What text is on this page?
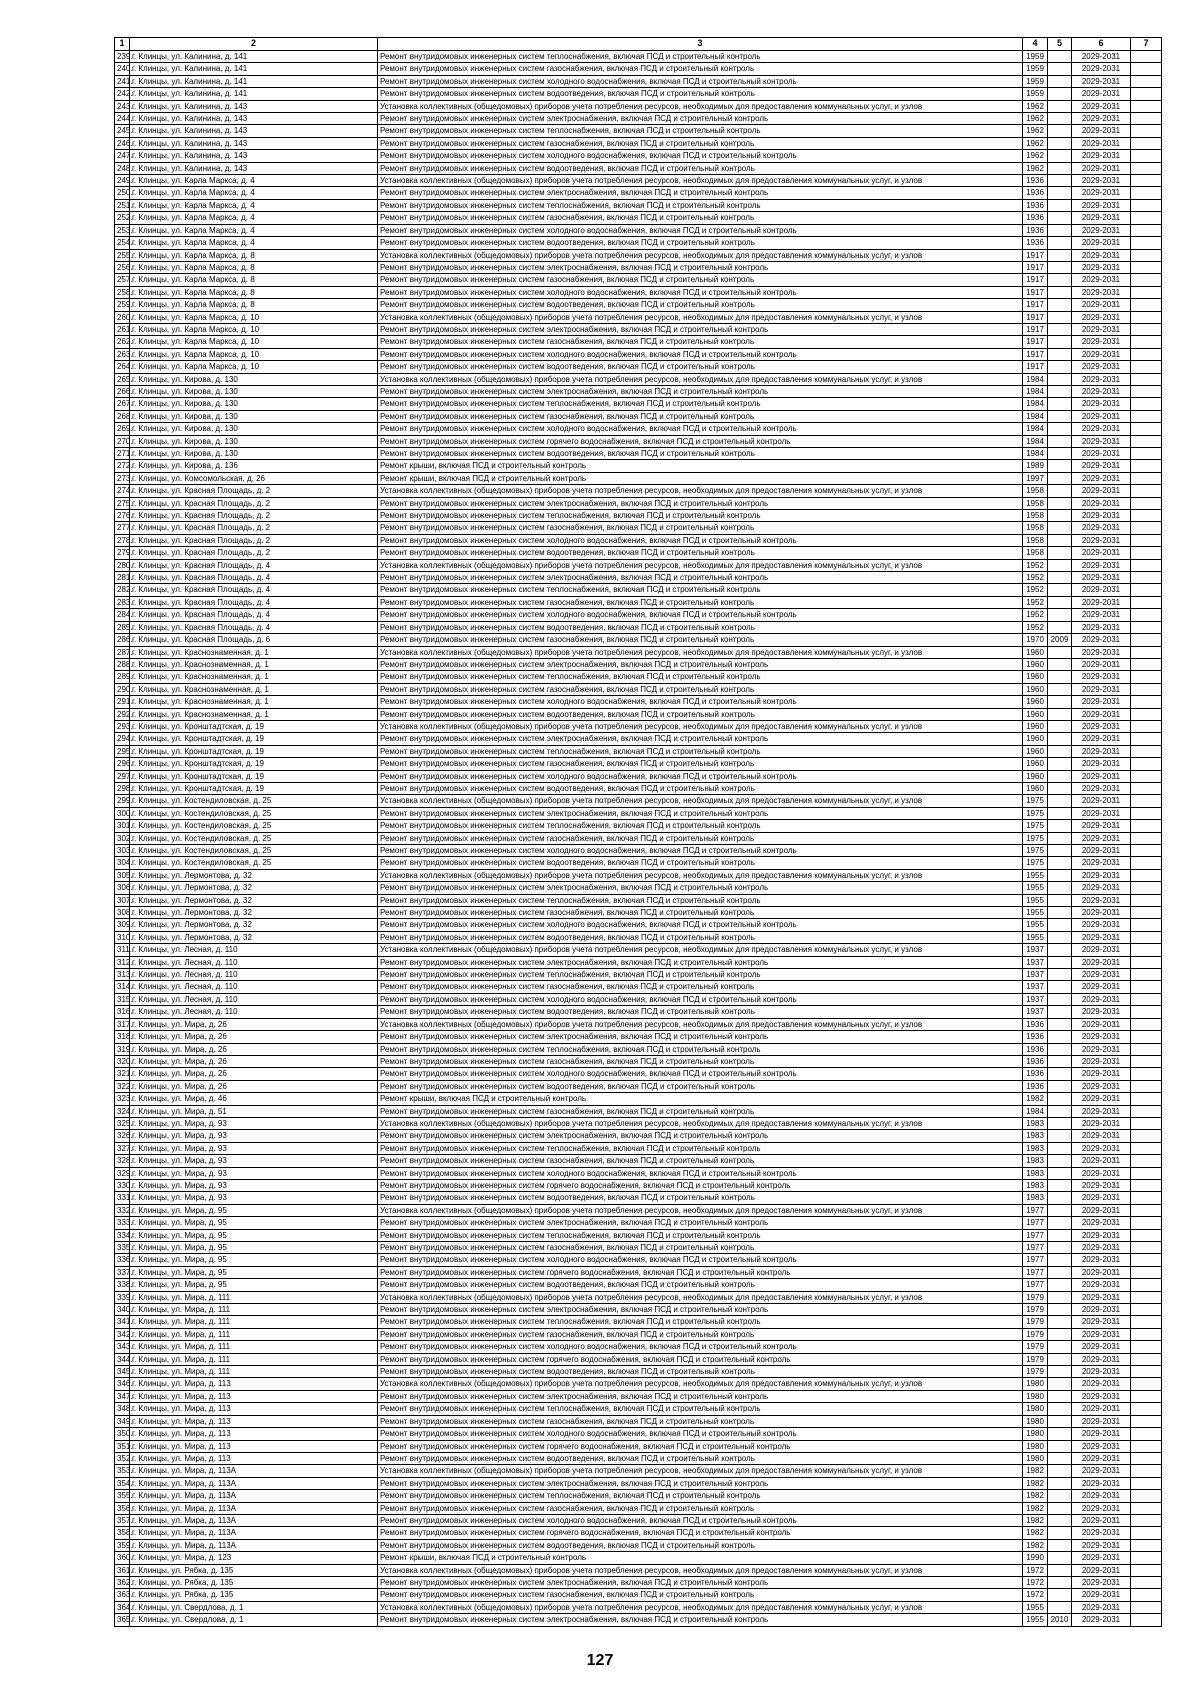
1	2	3	4	5	6	7
239.	г. Клинцы, ул. Калинина, д. 141	Ремонт внутридомовых инженерных систем теплоснабжения, включая ПСД и строительный контроль	1959		2029-2031	
240.	г. Клинцы, ул. Калинина, д. 141	Ремонт внутридомовых инженерных систем газоснабжения, включая ПСД и строительный контроль	1959		2029-2031	
241.	г. Клинцы, ул. Калинина, д. 141	Ремонт внутридомовых инженерных систем холодного водоснабжения, включая ПСД и строительный контроль	1959		2029-2031	
242.	г. Клинцы, ул. Калинина, д. 141	Ремонт внутридомовых инженерных систем водоотведения, включая ПСД и строительный контроль	1959		2029-2031	
243.	г. Клинцы, ул. Калинина, д. 143	Установка коллективных (общедомовых) приборов учета потребления ресурсов, необходимых для предоставления коммунальных услуг, и узлов	1962		2029-2031	
244.	г. Клинцы, ул. Калинина, д. 143	Ремонт внутридомовых инженерных систем электроснабжения, включая ПСД и строительный контроль	1962		2029-2031	
245.	г. Клинцы, ул. Калинина, д. 143	Ремонт внутридомовых инженерных систем теплоснабжения, включая ПСД и строительный контроль	1962		2029-2031	
246.	г. Клинцы, ул. Калинина, д. 143	Ремонт внутридомовых инженерных систем газоснабжения, включая ПСД и строительный контроль	1962		2029-2031	
247.	г. Клинцы, ул. Калинина, д. 143	Ремонт внутридомовых инженерных систем холодного водоснабжения, включая ПСД и строительный контроль	1962		2029-2031	
248.	г. Клинцы, ул. Калинина, д. 143	Ремонт внутридомовых инженерных систем водоотведения, включая ПСД и строительный контроль	1962		2029-2031	
249.	г. Клинцы, ул. Карла Маркса, д. 4	Установка коллективных (общедомовых) приборов учета потребления ресурсов, необходимых для предоставления коммунальных услуг, и узлов	1936		2029-2031	
250.	г. Клинцы, ул. Карла Маркса, д. 4	Ремонт внутридомовых инженерных систем электроснабжения, включая ПСД и строительный контроль	1936		2029-2031	
251.	г. Клинцы, ул. Карла Маркса, д. 4	Ремонт внутридомовых инженерных систем теплоснабжения, включая ПСД и строительный контроль	1936		2029-2031	
252.	г. Клинцы, ул. Карла Маркса, д. 4	Ремонт внутридомовых инженерных систем газоснабжения, включая ПСД и строительный контроль	1936		2029-2031	
253.	г. Клинцы, ул. Карла Маркса, д. 4	Ремонт внутридомовых инженерных систем холодного водоснабжения, включая ПСД и строительный контроль	1936		2029-2031	
254.	г. Клинцы, ул. Карла Маркса, д. 4	Ремонт внутридомовых инженерных систем водоотведения, включая ПСД и строительный контроль	1936		2029-2031	
255.	г. Клинцы, ул. Карла Маркса, д. 8	Установка коллективных (общедомовых) приборов учета потребления ресурсов, необходимых для предоставления коммунальных услуг, и узлов	1917		2029-2031	
256.	г. Клинцы, ул. Карла Маркса, д. 8	Ремонт внутридомовых инженерных систем электроснабжения, включая ПСД и строительный контроль	1917		2029-2031	
257.	г. Клинцы, ул. Карла Маркса, д. 8	Ремонт внутридомовых инженерных систем газоснабжения, включая ПСД и строительный контроль	1917		2029-2031	
258.	г. Клинцы, ул. Карла Маркса, д. 8	Ремонт внутридомовых инженерных систем холодного водоснабжения, включая ПСД и строительный контроль	1917		2029-2031	
259.	г. Клинцы, ул. Карла Маркса, д. 8	Ремонт внутридомовых инженерных систем водоотведения, включая ПСД и строительный контроль	1917		2029-2031	
260.	г. Клинцы, ул. Карла Маркса, д. 10	Установка коллективных (общедомовых) приборов учета потребления ресурсов, необходимых для предоставления коммунальных услуг, и узлов	1917		2029-2031	
261.	г. Клинцы, ул. Карла Маркса, д. 10	Ремонт внутридомовых инженерных систем электроснабжения, включая ПСД и строительный контроль	1917		2029-2031	
262.	г. Клинцы, ул. Карла Маркса, д. 10	Ремонт внутридомовых инженерных систем газоснабжения, включая ПСД и строительный контроль	1917		2029-2031	
263.	г. Клинцы, ул. Карла Маркса, д. 10	Ремонт внутридомовых инженерных систем холодного водоснабжения, включая ПСД и строительный контроль	1917		2029-2031	
264.	г. Клинцы, ул. Карла Маркса, д. 10	Ремонт внутридомовых инженерных систем водоотведения, включая ПСД и строительный контроль	1917		2029-2031	
265.	г. Клинцы, ул. Кирова, д. 130	Установка коллективных (общедомовых) приборов учета потребления ресурсов, необходимых для предоставления коммунальных услуг, и узлов	1984		2029-2031	
266.	г. Клинцы, ул. Кирова, д. 130	Ремонт внутридомовых инженерных систем электроснабжения, включая ПСД и строительный контроль	1984		2029-2031	
267.	г. Клинцы, ул. Кирова, д. 130	Ремонт внутридомовых инженерных систем теплоснабжения, включая ПСД и строительный контроль	1984		2029-2031	
268.	г. Клинцы, ул. Кирова, д. 130	Ремонт внутридомовых инженерных систем газоснабжения, включая ПСД и строительный контроль	1984		2029-2031	
269.	г. Клинцы, ул. Кирова, д. 130	Ремонт внутридомовых инженерных систем холодного водоснабжения, включая ПСД и строительный контроль	1984		2029-2031	
270.	г. Клинцы, ул. Кирова, д. 130	Ремонт внутридомовых инженерных систем горячего водоснабжения, включая ПСД и строительный контроль	1984		2029-2031	
271.	г. Клинцы, ул. Кирова, д. 130	Ремонт внутридомовых инженерных систем водоотведения, включая ПСД и строительный контроль	1984		2029-2031	
272.	г. Клинцы, ул. Кирова, д. 136	Ремонт крыши, включая ПСД и строительный контроль	1989		2029-2031	
273.	г. Клинцы, ул. Комсомольская, д. 26	Ремонт крыши, включая ПСД и строительный контроль	1997		2029-2031	
274.	г. Клинцы, ул. Красная Площадь, д. 2	Установка коллективных (общедомовых) приборов учета потребления ресурсов, необходимых для предоставления коммунальных услуг, и узлов	1958		2029-2031	
275.	г. Клинцы, ул. Красная Площадь, д. 2	Ремонт внутридомовых инженерных систем электроснабжения, включая ПСД и строительный контроль	1958		2029-2031	
276.	г. Клинцы, ул. Красная Площадь, д. 2	Ремонт внутридомовых инженерных систем теплоснабжения, включая ПСД и строительный контроль	1958		2029-2031	
277.	г. Клинцы, ул. Красная Площадь, д. 2	Ремонт внутридомовых инженерных систем газоснабжения, включая ПСД и строительный контроль	1958		2029-2031	
278.	г. Клинцы, ул. Красная Площадь, д. 2	Ремонт внутридомовых инженерных систем холодного водоснабжения, включая ПСД и строительный контроль	1958		2029-2031	
279.	г. Клинцы, ул. Красная Площадь, д. 2	Ремонт внутридомовых инженерных систем водоотведения, включая ПСД и строительный контроль	1958		2029-2031	
280.	г. Клинцы, ул. Красная Площадь, д. 4	Установка коллективных (общедомовых) приборов учета потребления ресурсов, необходимых для предоставления коммунальных услуг, и узлов	1952		2029-2031	
281.	г. Клинцы, ул. Красная Площадь, д. 4	Ремонт внутридомовых инженерных систем электроснабжения, включая ПСД и строительный контроль	1952		2029-2031	
282.	г. Клинцы, ул. Красная Площадь, д. 4	Ремонт внутридомовых инженерных систем теплоснабжения, включая ПСД и строительный контроль	1952		2029-2031	
283.	г. Клинцы, ул. Красная Площадь, д. 4	Ремонт внутридомовых инженерных систем газоснабжения, включая ПСД и строительный контроль	1952		2029-2031	
284.	г. Клинцы, ул. Красная Площадь, д. 4	Ремонт внутридомовых инженерных систем холодного водоснабжения, включая ПСД и строительный контроль	1952		2029-2031	
285.	г. Клинцы, ул. Красная Площадь, д. 4	Ремонт внутридомовых инженерных систем водоотведения, включая ПСД и строительный контроль	1952		2029-2031	
286.	г. Клинцы, ул. Красная Площадь, д. 6	Ремонт внутридомовых инженерных систем газоснабжения, включая ПСД и строительный контроль	1970	2009	2029-2031	
287.	г. Клинцы, ул. Краснознаменная, д. 1	Установка коллективных (общедомовых) приборов учета потребления ресурсов, необходимых для предоставления коммунальных услуг, и узлов	1960		2029-2031	
288.	г. Клинцы, ул. Краснознаменная, д. 1	Ремонт внутридомовых инженерных систем электроснабжения, включая ПСД и строительный контроль	1960		2029-2031	
289.	г. Клинцы, ул. Краснознаменная, д. 1	Ремонт внутридомовых инженерных систем теплоснабжения, включая ПСД и строительный контроль	1960		2029-2031	
290.	г. Клинцы, ул. Краснознаменная, д. 1	Ремонт внутридомовых инженерных систем газоснабжения, включая ПСД и строительный контроль	1960		2029-2031	
291.	г. Клинцы, ул. Краснознаменная, д. 1	Ремонт внутридомовых инженерных систем холодного водоснабжения, включая ПСД и строительный контроль	1960		2029-2031	
292.	г. Клинцы, ул. Краснознаменная, д. 1	Ремонт внутридомовых инженерных систем водоотведения, включая ПСД и строительный контроль	1960		2029-2031	
293.	г. Клинцы, ул. Кронштадтская, д. 19	Установка коллективных (общедомовых) приборов учета потребления ресурсов, необходимых для предоставления коммунальных услуг, и узлов	1960		2029-2031	
294.	г. Клинцы, ул. Кронштадтская, д. 19	Ремонт внутридомовых инженерных систем электроснабжения, включая ПСД и строительный контроль	1960		2029-2031	
295.	г. Клинцы, ул. Кронштадтская, д. 19	Ремонт внутридомовых инженерных систем теплоснабжения, включая ПСД и строительный контроль	1960		2029-2031	
296.	г. Клинцы, ул. Кронштадтская, д. 19	Ремонт внутридомовых инженерных систем газоснабжения, включая ПСД и строительный контроль	1960		2029-2031	
297.	г. Клинцы, ул. Кронштадтская, д. 19	Ремонт внутридомовых инженерных систем холодного водоснабжения, включая ПСД и строительный контроль	1960		2029-2031	
298.	г. Клинцы, ул. Кронштадтская, д. 19	Ремонт внутридомовых инженерных систем водоотведения, включая ПСД и строительный контроль	1960		2029-2031	
299.	г. Клинцы, ул. Костендиловская, д. 25	Установка коллективных (общедомовых) приборов учета потребления ресурсов, необходимых для предоставления коммунальных услуг, и узлов	1975		2029-2031	
300.	г. Клинцы, ул. Костендиловская, д. 25	Ремонт внутридомовых инженерных систем электроснабжения, включая ПСД и строительный контроль	1975		2029-2031	
301.	г. Клинцы, ул. Костендиловская, д. 25	Ремонт внутридомовых инженерных систем теплоснабжения, включая ПСД и строительный контроль	1975		2029-2031	
302.	г. Клинцы, ул. Костендиловская, д. 25	Ремонт внутридомовых инженерных систем газоснабжения, включая ПСД и строительный контроль	1975		2029-2031	
303.	г. Клинцы, ул. Костендиловская, д. 25	Ремонт внутридомовых инженерных систем холодного водоснабжения, включая ПСД и строительный контроль	1975		2029-2031	
304.	г. Клинцы, ул. Костендиловская, д. 25	Ремонт внутридомовых инженерных систем водоотведения, включая ПСД и строительный контроль	1975		2029-2031	
305.	г. Клинцы, ул. Лермонтова, д. 32	Установка коллективных (общедомовых) приборов учета потребления ресурсов, необходимых для предоставления коммунальных услуг, и узлов	1955		2029-2031	
306.	г. Клинцы, ул. Лермонтова, д. 32	Ремонт внутридомовых инженерных систем электроснабжения, включая ПСД и строительный контроль	1955		2029-2031	
307.	г. Клинцы, ул. Лермонтова, д. 32	Ремонт внутридомовых инженерных систем теплоснабжения, включая ПСД и строительный контроль	1955		2029-2031	
308.	г. Клинцы, ул. Лермонтова, д. 32	Ремонт внутридомовых инженерных систем газоснабжения, включая ПСД и строительный контроль	1955		2029-2031	
309.	г. Клинцы, ул. Лермонтова, д. 32	Ремонт внутридомовых инженерных систем холодного водоснабжения, включая ПСД и строительный контроль	1955		2029-2031	
310.	г. Клинцы, ул. Лермонтова, д. 32	Ремонт внутридомовых инженерных систем водоотведения, включая ПСД и строительный контроль	1955		2029-2031	
311.	г. Клинцы, ул. Лесная, д. 110	Установка коллективных (общедомовых) приборов учета потребления ресурсов, необходимых для предоставления коммунальных услуг, и узлов	1937		2029-2031	
312.	г. Клинцы, ул. Лесная, д. 110	Ремонт внутридомовых инженерных систем электроснабжения, включая ПСД и строительный контроль	1937		2029-2031	
313.	г. Клинцы, ул. Лесная, д. 110	Ремонт внутридомовых инженерных систем теплоснабжения, включая ПСД и строительный контроль	1937		2029-2031	
314.	г. Клинцы, ул. Лесная, д. 110	Ремонт внутридомовых инженерных систем газоснабжения, включая ПСД и строительный контроль	1937		2029-2031	
315.	г. Клинцы, ул. Лесная, д. 110	Ремонт внутридомовых инженерных систем холодного водоснабжения, включая ПСД и строительный контроль	1937		2029-2031	
316.	г. Клинцы, ул. Лесная, д. 110	Ремонт внутридомовых инженерных систем водоотведения, включая ПСД и строительный контроль	1937		2029-2031	
317.	г. Клинцы, ул. Мира, д. 26	Установка коллективных (общедомовых) приборов учета потребления ресурсов, необходимых для предоставления коммунальных услуг, и узлов	1936		2029-2031	
318.	г. Клинцы, ул. Мира, д. 26	Ремонт внутридомовых инженерных систем электроснабжения, включая ПСД и строительный контроль	1936		2029-2031	
319.	г. Клинцы, ул. Мира, д. 26	Ремонт внутридомовых инженерных систем теплоснабжения, включая ПСД и строительный контроль	1936		2029-2031	
320.	г. Клинцы, ул. Мира, д. 26	Ремонт внутридомовых инженерных систем газоснабжения, включая ПСД и строительный контроль	1936		2029-2031	
321.	г. Клинцы, ул. Мира, д. 26	Ремонт внутридомовых инженерных систем холодного водоснабжения, включая ПСД и строительный контроль	1936		2029-2031	
322.	г. Клинцы, ул. Мира, д. 26	Ремонт внутридомовых инженерных систем водоотведения, включая ПСД и строительный контроль	1936		2029-2031	
323.	г. Клинцы, ул. Мира, д. 46	Ремонт крыши, включая ПСД и строительный контроль	1982		2029-2031	
324.	г. Клинцы, ул. Мира, д. 51	Ремонт внутридомовых инженерных систем газоснабжения, включая ПСД и строительный контроль	1984		2029-2031	
325.	г. Клинцы, ул. Мира, д. 93	Установка коллективных (общедомовых) приборов учета потребления ресурсов, необходимых для предоставления коммунальных услуг, и узлов	1983		2029-2031	
326.	г. Клинцы, ул. Мира, д. 93	Ремонт внутридомовых инженерных систем электроснабжения, включая ПСД и строительный контроль	1983		2029-2031	
327.	г. Клинцы, ул. Мира, д. 93	Ремонт внутридомовых инженерных систем теплоснабжения, включая ПСД и строительный контроль	1983		2029-2031	
328.	г. Клинцы, ул. Мира, д. 93	Ремонт внутридомовых инженерных систем газоснабжения, включая ПСД и строительный контроль	1983		2029-2031	
329.	г. Клинцы, ул. Мира, д. 93	Ремонт внутридомовых инженерных систем холодного водоснабжения, включая ПСД и строительный контроль	1983		2029-2031	
330.	г. Клинцы, ул. Мира, д. 93	Ремонт внутридомовых инженерных систем горячего водоснабжения, включая ПСД и строительный контроль	1983		2029-2031	
331.	г. Клинцы, ул. Мира, д. 93	Ремонт внутридомовых инженерных систем водоотведения, включая ПСД и строительный контроль	1983		2029-2031	
332.	г. Клинцы, ул. Мира, д. 95	Установка коллективных (общедомовых) приборов учета потребления ресурсов, необходимых для предоставления коммунальных услуг, и узлов	1977		2029-2031	
333.	г. Клинцы, ул. Мира, д. 95	Ремонт внутридомовых инженерных систем электроснабжения, включая ПСД и строительный контроль	1977		2029-2031	
334.	г. Клинцы, ул. Мира, д. 95	Ремонт внутридомовых инженерных систем теплоснабжения, включая ПСД и строительный контроль	1977		2029-2031	
335.	г. Клинцы, ул. Мира, д. 95	Ремонт внутридомовых инженерных систем газоснабжения, включая ПСД и строительный контроль	1977		2029-2031	
336.	г. Клинцы, ул. Мира, д. 95	Ремонт внутридомовых инженерных систем холодного водоснабжения, включая ПСД и строительный контроль	1977		2029-2031	
337.	г. Клинцы, ул. Мира, д. 95	Ремонт внутридомовых инженерных систем горячего водоснабжения, включая ПСД и строительный контроль	1977		2029-2031	
338.	г. Клинцы, ул. Мира, д. 95	Ремонт внутридомовых инженерных систем водоотведения, включая ПСД и строительный контроль	1977		2029-2031	
339.	г. Клинцы, ул. Мира, д. 111	Установка коллективных (общедомовых) приборов учета потребления ресурсов, необходимых для предоставления коммунальных услуг, и узлов	1979		2029-2031	
340.	г. Клинцы, ул. Мира, д. 111	Ремонт внутридомовых инженерных систем электроснабжения, включая ПСД и строительный контроль	1979		2029-2031	
341.	г. Клинцы, ул. Мира, д. 111	Ремонт внутридомовых инженерных систем теплоснабжения, включая ПСД и строительный контроль	1979		2029-2031	
342.	г. Клинцы, ул. Мира, д. 111	Ремонт внутридомовых инженерных систем газоснабжения, включая ПСД и строительный контроль	1979		2029-2031	
343.	г. Клинцы, ул. Мира, д. 111	Ремонт внутридомовых инженерных систем холодного водоснабжения, включая ПСД и строительный контроль	1979		2029-2031	
344.	г. Клинцы, ул. Мира, д. 111	Ремонт внутридомовых инженерных систем горячего водоснабжения, включая ПСД и строительный контроль	1979		2029-2031	
345.	г. Клинцы, ул. Мира, д. 111	Ремонт внутридомовых инженерных систем водоотведения, включая ПСД и строительный контроль	1979		2029-2031	
346.	г. Клинцы, ул. Мира, д. 113	Установка коллективных (общедомовых) приборов учета потребления ресурсов, необходимых для предоставления коммунальных услуг, и узлов	1980		2029-2031	
347.	г. Клинцы, ул. Мира, д. 113	Ремонт внутридомовых инженерных систем электроснабжения, включая ПСД и строительный контроль	1980		2029-2031	
348.	г. Клинцы, ул. Мира, д. 113	Ремонт внутридомовых инженерных систем теплоснабжения, включая ПСД и строительный контроль	1980		2029-2031	
349.	г. Клинцы, ул. Мира, д. 113	Ремонт внутридомовых инженерных систем газоснабжения, включая ПСД и строительный контроль	1980		2029-2031	
350.	г. Клинцы, ул. Мира, д. 113	Ремонт внутридомовых инженерных систем холодного водоснабжения, включая ПСД и строительный контроль	1980		2029-2031	
351.	г. Клинцы, ул. Мира, д. 113	Ремонт внутридомовых инженерных систем горячего водоснабжения, включая ПСД и строительный контроль	1980		2029-2031	
352.	г. Клинцы, ул. Мира, д. 113	Ремонт внутридомовых инженерных систем водоотведения, включая ПСД и строительный контроль	1980		2029-2031	
353.	г. Клинцы, ул. Мира, д. 113А	Установка коллективных (общедомовых) приборов учета потребления ресурсов, необходимых для предоставления коммунальных услуг, и узлов	1982		2029-2031	
354.	г. Клинцы, ул. Мира, д. 113А	Ремонт внутридомовых инженерных систем электроснабжения, включая ПСД и строительный контроль	1982		2029-2031	
355.	г. Клинцы, ул. Мира, д. 113А	Ремонт внутридомовых инженерных систем теплоснабжения, включая ПСД и строительный контроль	1982		2029-2031	
356.	г. Клинцы, ул. Мира, д. 113А	Ремонт внутридомовых инженерных систем газоснабжения, включая ПСД и строительный контроль	1982		2029-2031	
357.	г. Клинцы, ул. Мира, д. 113А	Ремонт внутридомовых инженерных систем холодного водоснабжения, включая ПСД и строительный контроль	1982		2029-2031	
358.	г. Клинцы, ул. Мира, д. 113А	Ремонт внутридомовых инженерных систем горячего водоснабжения, включая ПСД и строительный контроль	1982		2029-2031	
359.	г. Клинцы, ул. Мира, д. 113А	Ремонт внутридомовых инженерных систем водоотведения, включая ПСД и строительный контроль	1982		2029-2031	
360.	г. Клинцы, ул. Мира, д. 123	Ремонт крыши, включая ПСД и строительный контроль	1990		2029-2031	
361.	г. Клинцы, ул. Рябка, д. 135	Установка коллективных (общедомовых) приборов учета потребления ресурсов, необходимых для предоставления коммунальных услуг, и узлов	1972		2029-2031	
362.	г. Клинцы, ул. Рябка, д. 135	Ремонт внутридомовых инженерных систем электроснабжения, включая ПСД и строительный контроль	1972		2029-2031	
363.	г. Клинцы, ул. Рябка, д. 135	Ремонт внутридомовых инженерных систем газоснабжения, включая ПСД и строительный контроль	1972		2029-2031	
364.	г. Клинцы, ул. Свердлова, д. 1	Установка коллективных (общедомовых) приборов учета потребления ресурсов, необходимых для предоставления коммунальных услуг, и узлов	1955		2029-2031	
365.	г. Клинцы, ул. Свердлова, д. 1	Ремонт внутридомовых инженерных систем электроснабжения, включая ПСД и строительный контроль	1955	2010	2029-2031	
127
